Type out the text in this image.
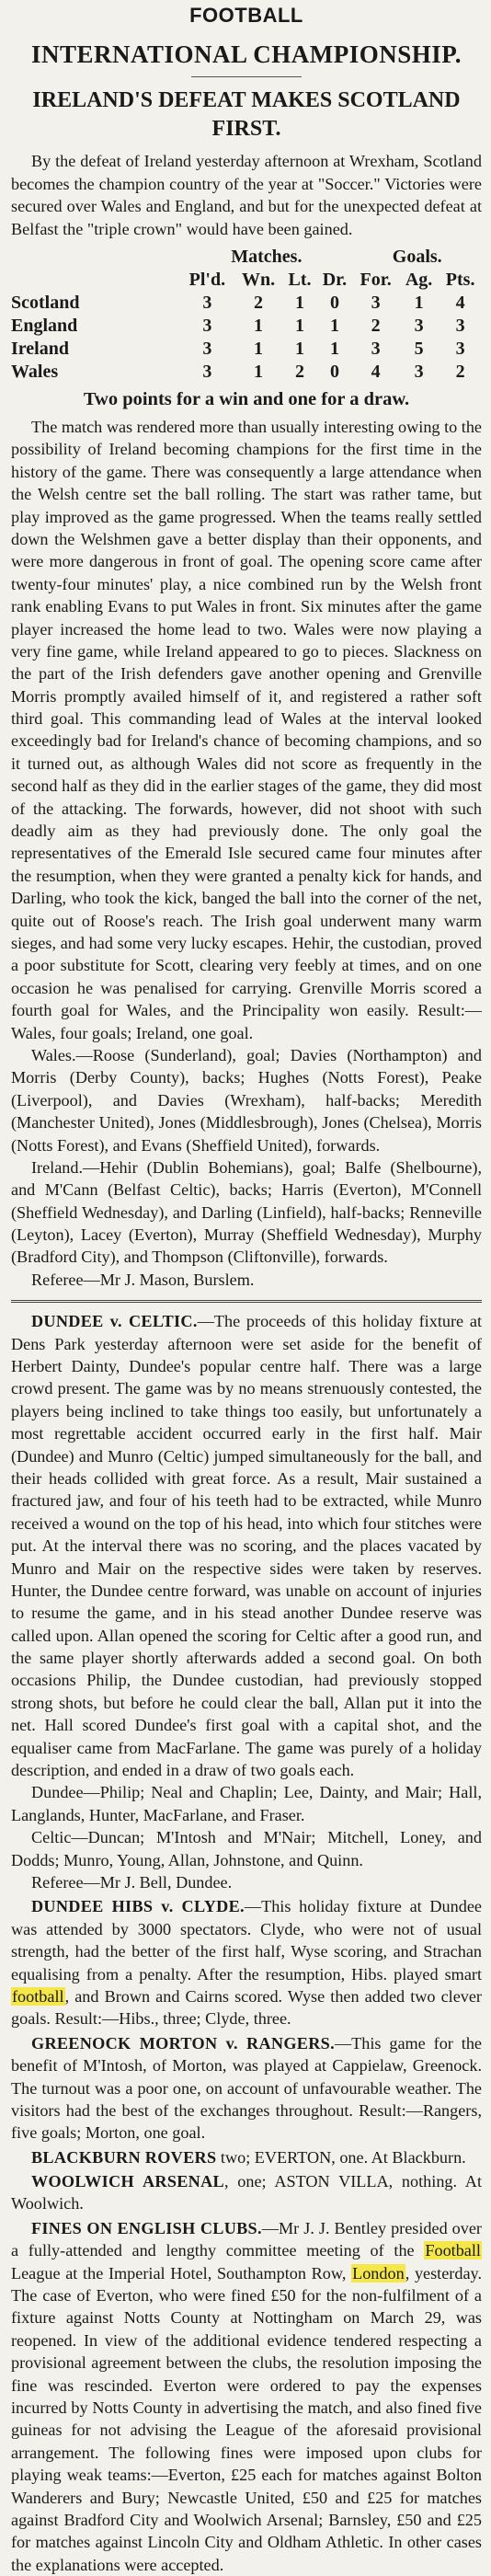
FOOTBALL
INTERNATIONAL CHAMPIONSHIP.
IRELAND'S DEFEAT MAKES SCOTLAND FIRST.

By the defeat of Ireland yesterday afternoon at Wrexham, Scotland becomes the champion country of the year at "Soccer." Victories were secured over Wales and England, and but for the unexpected defeat at Belfast the "triple crown" would have been gained.

	Matches.				Goals.		
	Pl'd.	Wn.	Lt.	Dr.	For.	Ag.	Pts.
Scotland	3	2	1	0	3	1	4
England	3	1	1	1	2	3	3
Ireland	3	1	1	1	3	5	3
Wales	3	1	2	0	4	3	2
Two points for a win and one for a draw.

The match was rendered more than usually interesting owing to the possibility of Ireland becoming champions for the first time in the history of the game. There was consequently a large attendance when the Welsh centre set the ball rolling. The start was rather tame, but play improved as the game progressed. When the teams really settled down the Welshmen gave a better display than their opponents, and were more dangerous in front of goal. The opening score came after twenty-four minutes' play, a nice combined run by the Welsh front rank enabling Evans to put Wales in front. Six minutes after the game player increased the home lead to two. Wales were now playing a very fine game, while Ireland appeared to go to pieces. Slackness on the part of the Irish defenders gave another opening and Grenville Morris promptly availed himself of it, and registered a rather soft third goal. This commanding lead of Wales at the interval looked exceedingly bad for Ireland's chance of becoming champions, and so it turned out, as although Wales did not score as frequently in the second half as they did in the earlier stages of the game, they did most of the attacking. The forwards, however, did not shoot with such deadly aim as they had previously done. The only goal the representatives of the Emerald Isle secured came four minutes after the resumption, when they were granted a penalty kick for hands, and Darling, who took the kick, banged the ball into the corner of the net, quite out of Roose's reach. The Irish goal underwent many warm sieges, and had some very lucky escapes. Hehir, the custodian, proved a poor substitute for Scott, clearing very feebly at times, and on one occasion he was penalised for carrying. Grenville Morris scored a fourth goal for Wales, and the Principality won easily. Result:—Wales, four goals; Ireland, one goal.

Wales.—Roose (Sunderland), goal; Davies (Northampton) and Morris (Derby County), backs; Hughes (Notts Forest), Peake (Liverpool), and Davies (Wrexham), half-backs; Meredith (Manchester United), Jones (Middlesbrough), Jones (Chelsea), Morris (Notts Forest), and Evans (Sheffield United), forwards.

Ireland.—Hehir (Dublin Bohemians), goal; Balfe (Shelbourne), and M'Cann (Belfast Celtic), backs; Harris (Everton), M'Connell (Sheffield Wednesday), and Darling (Linfield), half-backs; Renneville (Leyton), Lacey (Everton), Murray (Sheffield Wednesday), Murphy (Bradford City), and Thompson (Cliftonville), forwards.

Referee—Mr J. Mason, Burslem.

DUNDEE v. CELTIC.—The proceeds of this holiday fixture at Dens Park yesterday afternoon were set aside for the benefit of Herbert Dainty, Dundee's popular centre half. There was a large crowd present. The game was by no means strenuously contested, the players being inclined to take things too easily, but unfortunately a most regrettable accident occurred early in the first half. Mair (Dundee) and Munro (Celtic) jumped simultaneously for the ball, and their heads collided with great force. As a result, Mair sustained a fractured jaw, and four of his teeth had to be extracted, while Munro received a wound on the top of his head, into which four stitches were put. At the interval there was no scoring, and the places vacated by Munro and Mair on the respective sides were taken by reserves. Hunter, the Dundee centre forward, was unable on account of injuries to resume the game, and in his stead another Dundee reserve was called upon. Allan opened the scoring for Celtic after a good run, and the same player shortly afterwards added a second goal. On both occasions Philip, the Dundee custodian, had previously stopped strong shots, but before he could clear the ball, Allan put it into the net. Hall scored Dundee's first goal with a capital shot, and the equaliser came from MacFarlane. The game was purely of a holiday description, and ended in a draw of two goals each.

Dundee—Philip; Neal and Chaplin; Lee, Dainty, and Mair; Hall, Langlands, Hunter, MacFarlane, and Fraser.

Celtic—Duncan; M'Intosh and M'Nair; Mitchell, Loney, and Dodds; Munro, Young, Allan, Johnstone, and Quinn.

Referee—Mr J. Bell, Dundee.

DUNDEE HIBS v. CLYDE.—This holiday fixture at Dundee was attended by 3000 spectators. Clyde, who were not of usual strength, had the better of the first half, Wyse scoring, and Strachan equalising from a penalty. After the resumption, Hibs. played smart football, and Brown and Cairns scored. Wyse then added two clever goals. Result:—Hibs., three; Clyde, three.

GREENOCK MORTON v. RANGERS.—This game for the benefit of M'Intosh, of Morton, was played at Cappielaw, Greenock. The turnout was a poor one, on account of unfavourable weather. The visitors had the best of the exchanges throughout. Result:—Rangers, five goals; Morton, one goal.

BLACKBURN ROVERS two; EVERTON, one. At Blackburn.

WOOLWICH ARSENAL, one; ASTON VILLA, nothing. At Woolwich.

FINES ON ENGLISH CLUBS.—Mr J. J. Bentley presided over a fully-attended and lengthy committee meeting of the Football League at the Imperial Hotel, Southampton Row, London, yesterday. The case of Everton, who were fined £50 for the non-fulfilment of a fixture against Notts County at Nottingham on March 29, was reopened. In view of the additional evidence tendered respecting a provisional agreement between the clubs, the resolution imposing the fine was rescinded. Everton were ordered to pay the expenses incurred by Notts County in advertising the match, and also fined five guineas for not advising the League of the aforesaid provisional arrangement. The following fines were imposed upon clubs for playing weak teams:—Everton, £25 each for matches against Bolton Wanderers and Bury; Newcastle United, £50 and £25 for matches against Bradford City and Woolwich Arsenal; Barnsley, £50 and £25 for matches against Lincoln City and Oldham Athletic. In other cases the explanations were accepted.
